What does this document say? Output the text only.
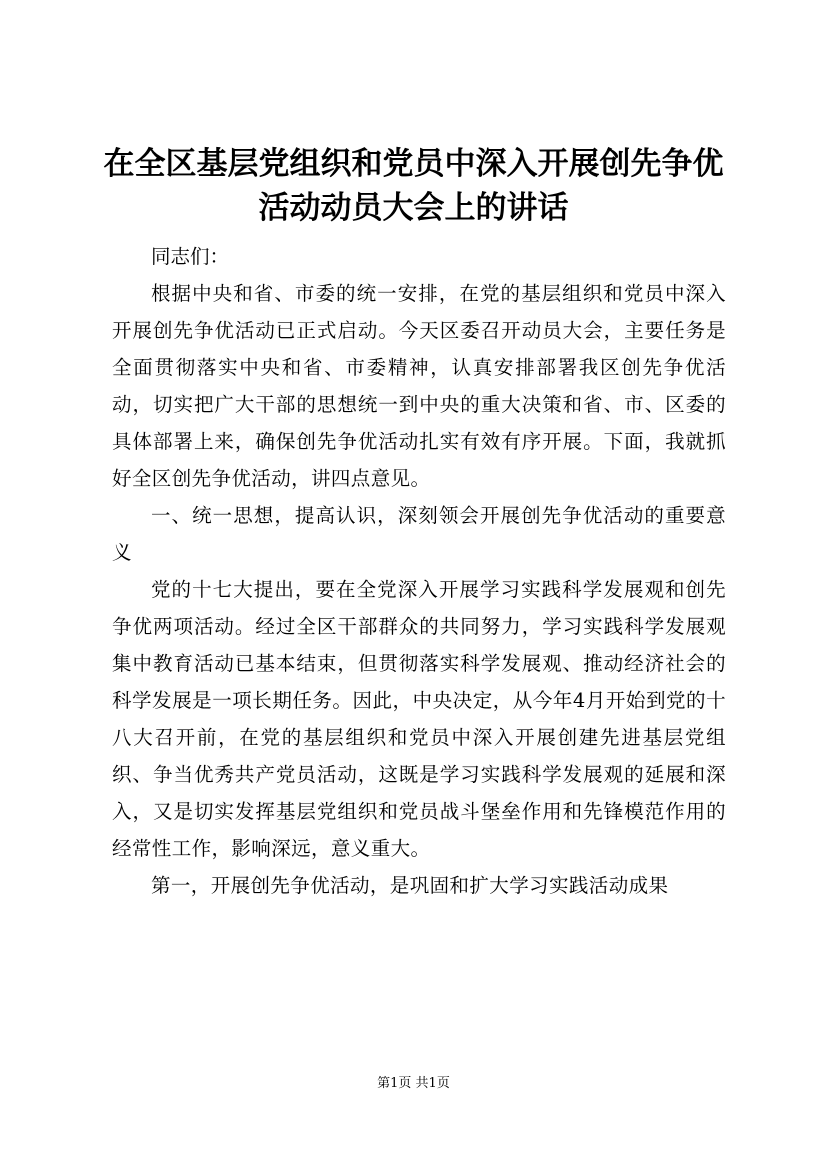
在全区基层党组织和党员中深入开展创先争优
活动动员大会上的讲话

同志们：

根据中央和省、市委的统一安排，在党的基层组织和党员中深入开展创先争优活动已正式启动。今天区委召开动员大会，主要任务是全面贯彻落实中央和省、市委精神，认真安排部署我区创先争优活动，切实把广大干部的思想统一到中央的重大决策和省、市、区委的具体部署上来，确保创先争优活动扎实有效有序开展。下面，我就抓好全区创先争优活动，讲四点意见。

一、统一思想，提高认识，深刻领会开展创先争优活动的重要意义

党的十七大提出，要在全党深入开展学习实践科学发展观和创先争优两项活动。经过全区干部群众的共同努力，学习实践科学发展观集中教育活动已基本结束，但贯彻落实科学发展观、推动经济社会的科学发展是一项长期任务。因此，中央决定，从今年4月开始到党的十八大召开前，在党的基层组织和党员中深入开展创建先进基层党组织、争当优秀共产党员活动，这既是学习实践科学发展观的延展和深入，又是切实发挥基层党组织和党员战斗堡垒作用和先锋模范作用的经常性工作，影响深远，意义重大。

第一，开展创先争优活动，是巩固和扩大学习实践活动成果

第1页 共1页
